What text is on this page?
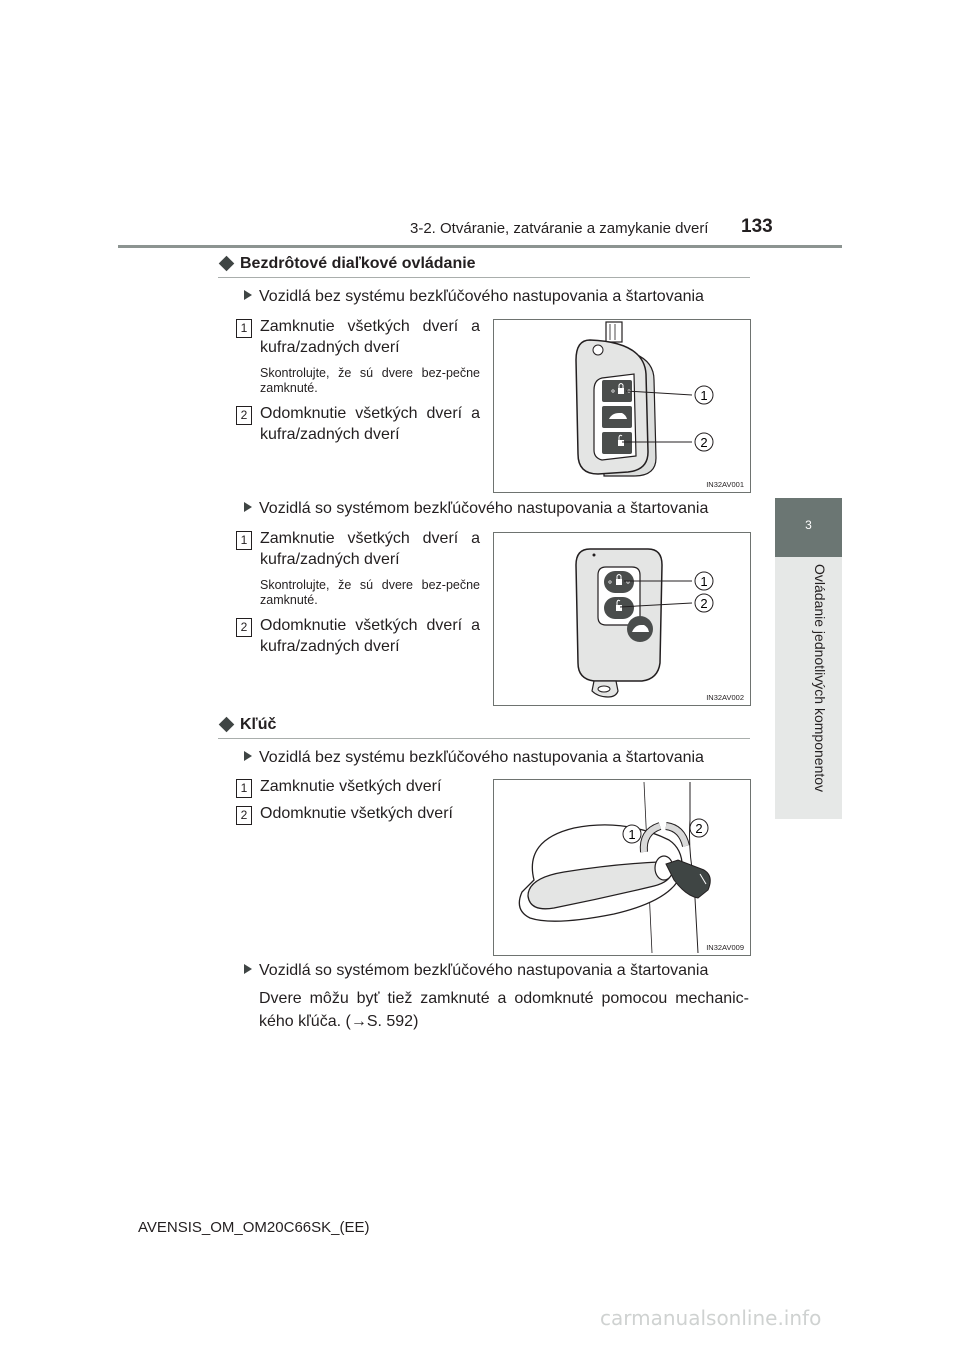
3-2. Otváranie, zatváranie a zamykanie dverí 133
3
Ovládanie jednotlivých komponentov
Bezdrôtové diaľkové ovládanie
Vozidlá bez systému bezkľúčového nastupovania a štartovania
1 Zamknutie všetkých dverí a kufra/zadných dverí
Skontrolujte, že sú dvere bez-pečne zamknuté.
2 Odomknutie všetkých dverí a kufra/zadných dverí
1
2
IN32AV001
Vozidlá so systémom bezkľúčového nastupovania a štartovania
1 Zamknutie všetkých dverí a kufra/zadných dverí
Skontrolujte, že sú dvere bez-pečne zamknuté.
2 Odomknutie všetkých dverí a kufra/zadných dverí
1
2
IN32AV002
Kľúč
Vozidlá bez systému bezkľúčového nastupovania a štartovania
1 Zamknutie všetkých dverí
2 Odomknutie všetkých dverí
1	2
IN32AV009
Vozidlá so systémom bezkľúčového nastupovania a štartovania
Dvere môžu byť tiež zamknuté a odomknuté pomocou mechanic-kého kľúča. (→S. 592)
AVENSIS_OM_OM20C66SK_(EE)
carmanualsonline.info
